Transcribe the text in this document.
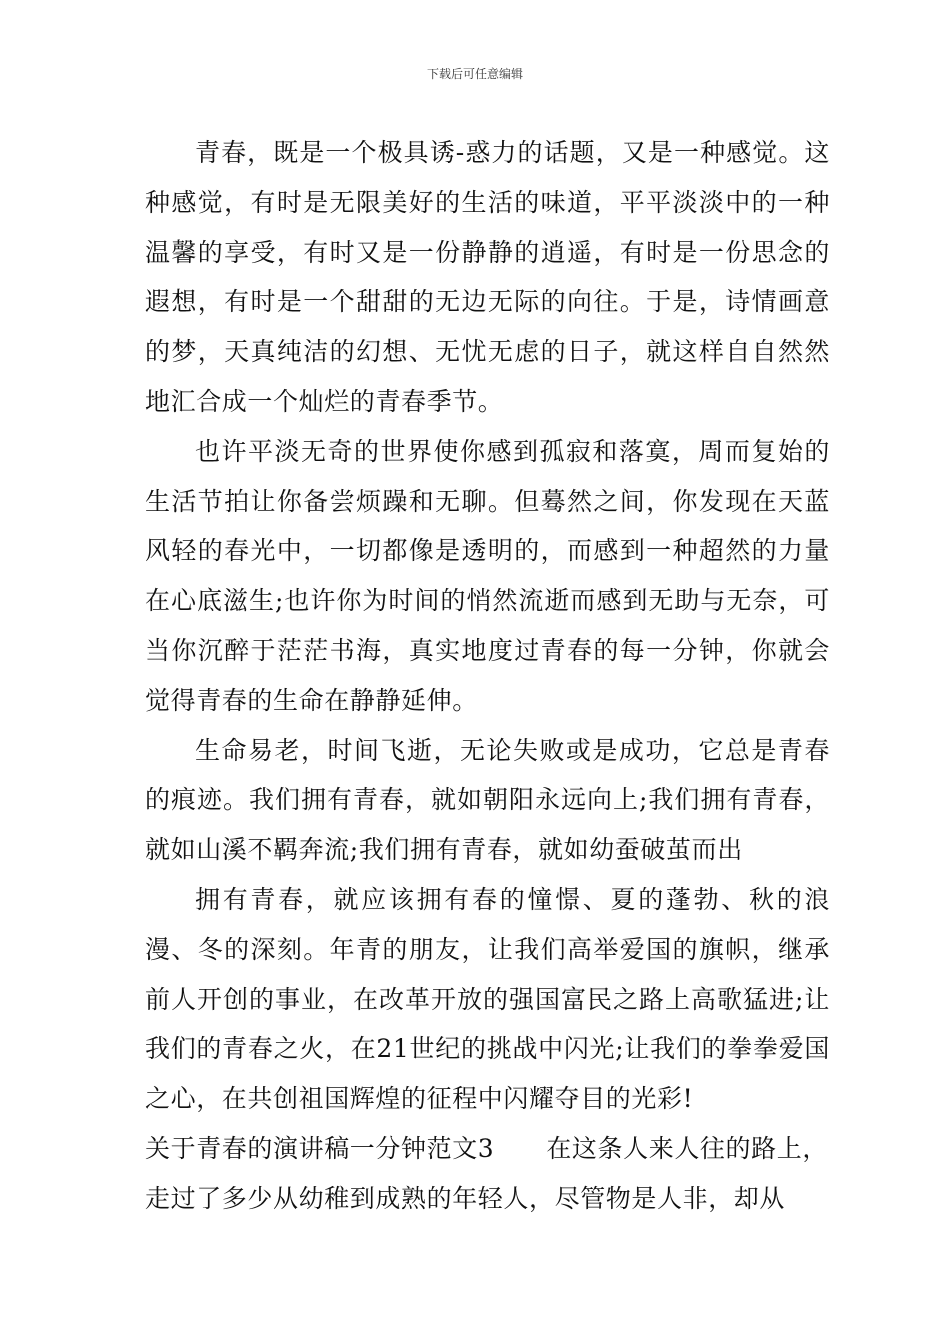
下载后可任意编辑

青春，既是一个极具诱-惑力的话题，又是一种感觉。这种感觉，有时是无限美好的生活的味道，平平淡淡中的一种温馨的享受，有时又是一份静静的逍遥，有时是一份思念的遐想，有时是一个甜甜的无边无际的向往。于是，诗情画意的梦，天真纯洁的幻想、无忧无虑的日子，就这样自自然然地汇合成一个灿烂的青春季节。

也许平淡无奇的世界使你感到孤寂和落寞，周而复始的生活节拍让你备尝烦躁和无聊。但蓦然之间，你发现在天蓝风轻的春光中，一切都像是透明的，而感到一种超然的力量在心底滋生;也许你为时间的悄然流逝而感到无助与无奈，可当你沉醉于茫茫书海，真实地度过青春的每一分钟，你就会觉得青春的生命在静静延伸。

生命易老，时间飞逝，无论失败或是成功，它总是青春的痕迹。我们拥有青春，就如朝阳永远向上;我们拥有青春，就如山溪不羁奔流;我们拥有青春，就如幼蚕破茧而出

拥有青春，就应该拥有春的憧憬、夏的蓬勃、秋的浪漫、冬的深刻。年青的朋友，让我们高举爱国的旗帜，继承前人开创的事业，在改革开放的强国富民之路上高歌猛进;让我们的青春之火，在21世纪的挑战中闪光;让我们的拳拳爱国之心，在共创祖国辉煌的征程中闪耀夺目的光彩!

关于青春的演讲稿一分钟范文3 在这条人来人往的路上，

走过了多少从幼稚到成熟的年轻人，尽管物是人非，却从
